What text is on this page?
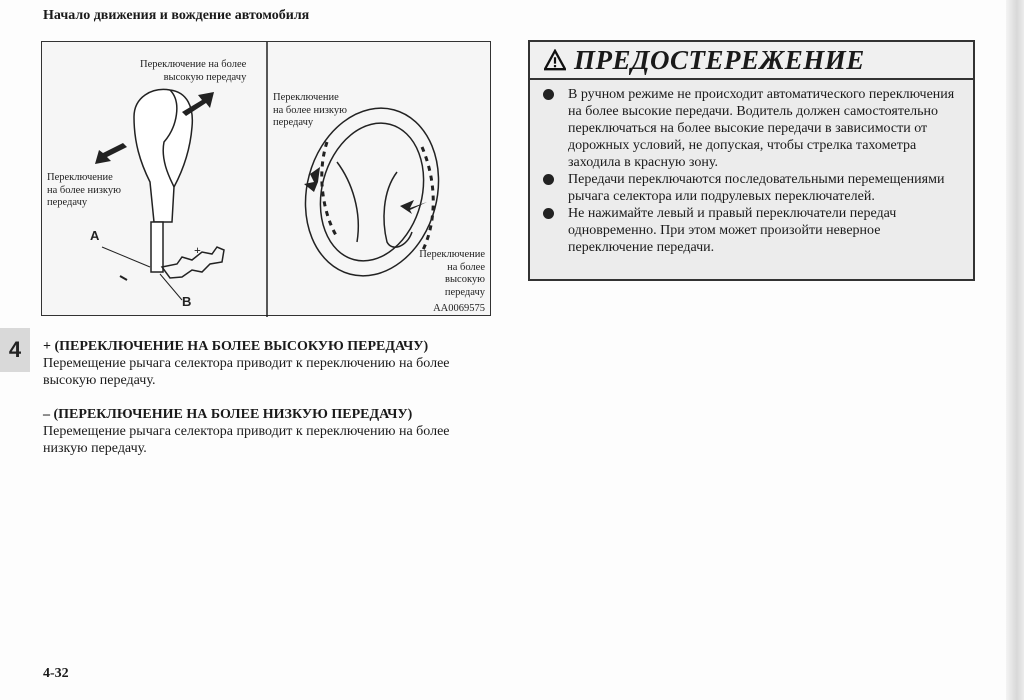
Начало движения и вождение автомобиля
Переключение на более
высокую передачу
Переключение
на более низкую
передачу
A
B
+
Переключение
на более низкую
передачу
Переключение
на более
высокую
передачу
AA0069575
4	+ (ПЕРЕКЛЮЧЕНИЕ НА БОЛЕЕ ВЫСОКУЮ ПЕРЕДАЧУ)

Перемещение рычага селектора приводит к переключению на более высокую передачу.

– (ПЕРЕКЛЮЧЕНИЕ НА БОЛЕЕ НИЗКУЮ ПЕРЕДАЧУ)

Перемещение рычага селектора приводит к переключению на более низкую передачу.

ПРЕДОСТЕРЕЖЕНИЕ
В ручном режиме не происходит автоматического переключения на более высокие передачи. Водитель должен самостоятельно переключаться на более высокие передачи в зависимости от дорожных условий, не допуская, чтобы стрелка тахометра заходила в красную зону.
Передачи переключаются последовательными перемещениями рычага селектора или подрулевых переключателей.
Не нажимайте левый и правый переключатели передач одновременно. При этом может произойти неверное переключение передачи.
4-32
